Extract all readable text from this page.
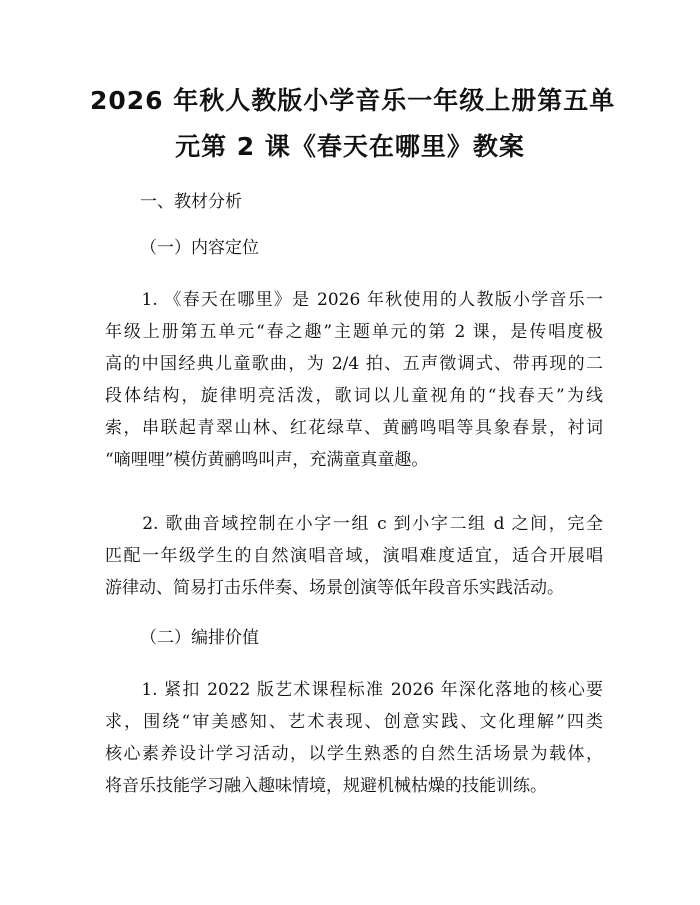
2026 年秋人教版小学音乐一年级上册第五单
元第 2 课《春天在哪里》教案
一、教材分析
（一）内容定位
　　1. 《春天在哪里》是 2026 年秋使用的人教版小学音乐一
年级上册第五单元“春之趣”主题单元的第 2 课，是传唱度极
高的中国经典儿童歌曲，为 2/4 拍、五声徵调式、带再现的二
段体结构，旋律明亮活泼，歌词以儿童视角的“找春天”为线
索，串联起青翠山林、红花绿草、黄鹂鸣唱等具象春景，衬词
“嘀哩哩”模仿黄鹂鸣叫声，充满童真童趣。
　　2. 歌曲音域控制在小字一组 c 到小字二组 d 之间，完全
匹配一年级学生的自然演唱音域，演唱难度适宜，适合开展唱
游律动、简易打击乐伴奏、场景创演等低年段音乐实践活动。
（二）编排价值
　　1. 紧扣 2022 版艺术课程标准 2026 年深化落地的核心要
求，围绕“审美感知、艺术表现、创意实践、文化理解”四类
核心素养设计学习活动，以学生熟悉的自然生活场景为载体，
将音乐技能学习融入趣味情境，规避机械枯燥的技能训练。
